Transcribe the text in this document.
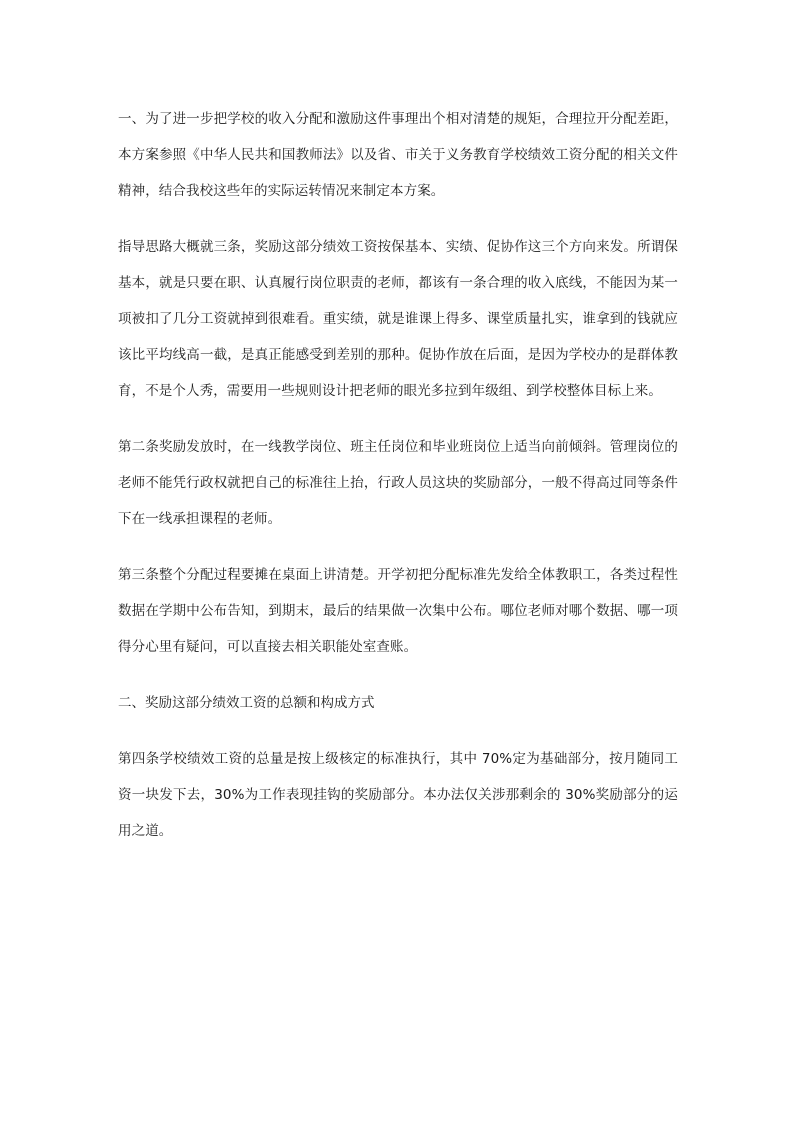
一、为了进一步把学校的收入分配和激励这件事理出个相对清楚的规矩，合理拉开分配差距，本方案参照《中华人民共和国教师法》以及省、市关于义务教育学校绩效工资分配的相关文件精神，结合我校这些年的实际运转情况来制定本方案。

指导思路大概就三条，奖励这部分绩效工资按保基本、实绩、促协作这三个方向来发。所谓保基本，就是只要在职、认真履行岗位职责的老师，都该有一条合理的收入底线，不能因为某一项被扣了几分工资就掉到很难看。重实绩，就是谁课上得多、课堂质量扎实，谁拿到的钱就应该比平均线高一截，是真正能感受到差别的那种。促协作放在后面，是因为学校办的是群体教育，不是个人秀，需要用一些规则设计把老师的眼光多拉到年级组、到学校整体目标上来。

第二条奖励发放时，在一线教学岗位、班主任岗位和毕业班岗位上适当向前倾斜。管理岗位的老师不能凭行政权就把自己的标准往上抬，行政人员这块的奖励部分，一般不得高过同等条件下在一线承担课程的老师。

第三条整个分配过程要摊在桌面上讲清楚。开学初把分配标准先发给全体教职工，各类过程性数据在学期中公布告知，到期末，最后的结果做一次集中公布。哪位老师对哪个数据、哪一项得分心里有疑问，可以直接去相关职能处室查账。

二、奖励这部分绩效工资的总额和构成方式

第四条学校绩效工资的总量是按上级核定的标准执行，其中 70%定为基础部分，按月随同工资一块发下去，30%为工作表现挂钩的奖励部分。本办法仅关涉那剩余的 30%奖励部分的运用之道。
